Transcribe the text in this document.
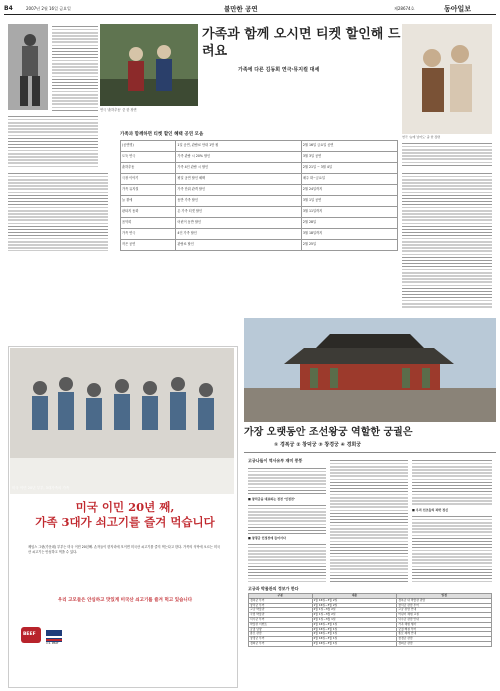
B4	2007년 2월 16일 금요일	불만한 공연	제28674호	동아일보
연극 '춘하추동' 중 한 장면
가족과 함께 오시면 티켓 할인해 드려요
가족에 다른 김동희 연극·뮤지컬 대세
연극 '눈에 넣어도' 중 한 장면
가족과 함께하면 티켓 할인 혜택 공연 모음
(공연명)	1일 공연, 관람료 안내 1만 원	2월 16일 금요일 공연
도둑 연극	가족 관람 시 20% 할인	3월 3일 공연
춘하추동	가족 4인 관람 시 할인	2월 21일 ~ 3월 4일
극장 이야기	평일 공연 할인 혜택	매주 화~금요일
가족 뮤지컬	가족 단위 관객 할인	2월 24일까지
늘 곁에	동반 가족 할인	3월 1일 공연
판타지 동화	온 가족 티켓 할인	3월 11일까지
음악회	어린이 동반 할인	2월 28일
가족 연극	4인 가족 할인	3월 18일까지
작은 공연	관람료 할인	2월 25일
미국 이민 20년 부부, 3대가족의 가족
미국 이민 20년 째,
가족 3대가 쇠고기를 즐겨 먹습니다
제임스 그린(가운데) 부부는 미국 이민 20년째. 손자들이 한자리에 모이면 미국산 쇠고기를 즐겨 먹는다고 한다. 가족의 식탁에 오르는 미국산 쇠고기는 안심하고 먹을 수 있다.
우리 고모들은 안심하고 맛있게 미국산 쇠고기를 즐겨 먹고 있습니다
BEEF
U.S. MEAT
가장 오랫동안 조선왕궁 역할한 궁궐은
① 경복궁 ② 창덕궁 ③ 창경궁 ④ 경희궁
고궁나들이 역사유부 재미 풍뚱
■ 창덕궁을 대표하는 정전 ‘인정전’
■ 창경궁 인정전에 들어서다
■ 우리 선조들의 과학 정신
고궁과 박물관의 정보가 한다
구분	내용	일정
경복궁 투어	1월 16일~3월 2일	경복궁 내 박물관 관람
창덕궁 투어	1월 16일~3월 2일	창덕궁 관람 투어
고궁 박물관	2월 1일~3월 2일	고궁 관람 안내
국립 박물관	2월 1일~3월 2일	어린이 체험 교실
덕수궁 투어	2월 1일~3월 1일	덕수궁 관람 안내
박물관 이벤트	2월 16일~3월 1일	가족 체험 행사
궁궐 탐방	2월 16일~3월 1일	궁궐 해설 투어
종묘 관람	2월 16일~3월 1일	종묘 제례 안내
창경궁 투어	2월 16일~3월 1일	창경궁 관람
경희궁 투어	2월 16일~3월 1일	경희궁 관람
